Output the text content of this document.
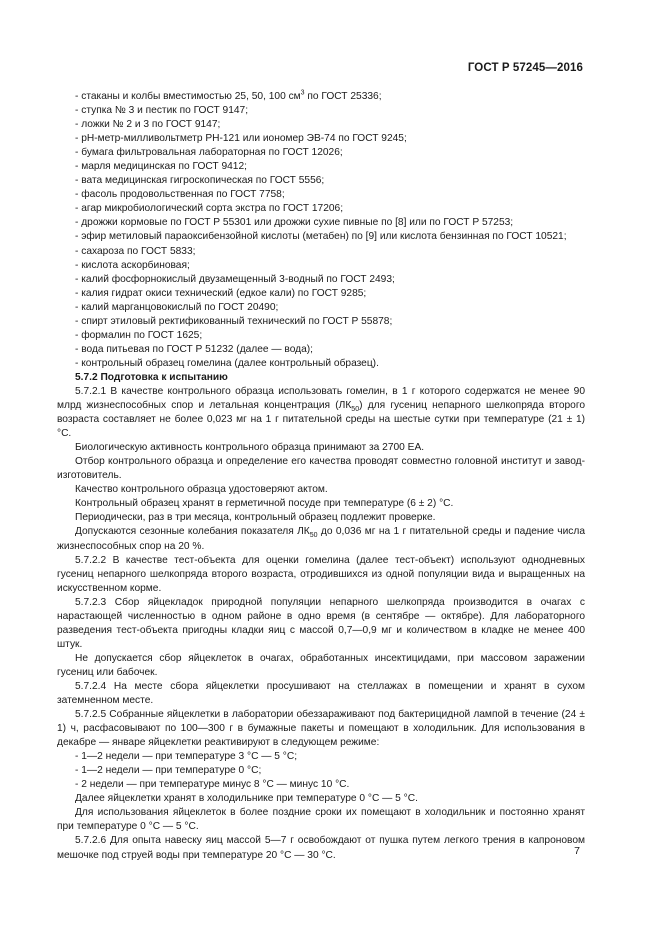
ГОСТ Р 57245—2016

- стаканы и колбы вместимостью 25, 50, 100 $см^3$ по ГОСТ 25336;

- ступка № 3 и пестик по ГОСТ 9147;

- ложки № 2 и 3 по ГОСТ 9147;

- рН-метр-милливольтметр РН-121 или иономер ЭВ-74 по ГОСТ 9245;

- бумага фильтровальная лабораторная по ГОСТ 12026;

- марля медицинская по ГОСТ 9412;

- вата медицинская гигроскопическая по ГОСТ 5556;

- фасоль продовольственная по ГОСТ 7758;

- агар микробиологический сорта экстра по ГОСТ 17206;

- дрожжи кормовые по ГОСТ Р 55301 или дрожжи сухие пивные по [8] или по ГОСТ Р 57253;

- эфир метиловый параоксибензойной кислоты (метабен) по [9] или кислота бензинная по ГОСТ 10521;

- сахароза по ГОСТ 5833;

- кислота аскорбиновая;

- калий фосфорнокислый двузамещенный 3-водный по ГОСТ 2493;

- калия гидрат окиси технический (едкое кали) по ГОСТ 9285;

- калий марганцовокислый по ГОСТ 20490;

- спирт этиловый ректификованный технический по ГОСТ Р 55878;

- формалин по ГОСТ 1625;

- вода питьевая по ГОСТ Р 51232 (далее — вода);

- контрольный образец гомелина (далее контрольный образец).

5.7.2 Подготовка к испытанию

5.7.2.1 В качестве контрольного образца использовать гомелин, в 1 г которого содержатся не менее 90 млрд жизнеспособных спор и летальная концентрация $(ЛК_{50})$ для гусениц непарного шелкопряда второго возраста составляет не более 0,023 мг на 1 г питательной среды на шестые сутки при температуре (21 ± 1) °С.

Биологическую активность контрольного образца принимают за 2700 ЕА.

Отбор контрольного образца и определение его качества проводят совместно головной институт и завод-изготовитель.

Качество контрольного образца удостоверяют актом.

Контрольный образец хранят в герметичной посуде при температуре (6 ± 2) °С.

Периодически, раз в три месяца, контрольный образец подлежит проверке.

Допускаются сезонные колебания показателя $ЛК_{50}$ до 0,036 мг на 1 г питательной среды и падение числа жизнеспособных спор на 20 %.

5.7.2.2 В качестве тест-объекта для оценки гомелина (далее тест-объект) используют однодневных гусениц непарного шелкопряда второго возраста, отродившихся из одной популяции вида и выращенных на искусственном корме.

5.7.2.3 Сбор яйцекладок природной популяции непарного шелкопряда производится в очагах с нарастающей численностью в одном районе в одно время (в сентябре — октябре). Для лабораторного разведения тест-объекта пригодны кладки яиц с массой 0,7—0,9 мг и количеством в кладке не менее 400 штук.

Не допускается сбор яйцеклеток в очагах, обработанных инсектицидами, при массовом заражении гусениц или бабочек.

5.7.2.4 На месте сбора яйцеклетки просушивают на стеллажах в помещении и хранят в сухом затемненном месте.

5.7.2.5 Собранные яйцеклетки в лаборатории обеззараживают под бактерицидной лампой в течение (24 ± 1) ч, расфасовывают по 100—300 г в бумажные пакеты и помещают в холодильник. Для использования в декабре — январе яйцеклетки реактивируют в следующем режиме:

- 1—2 недели — при температуре 3 °С — 5 °С;

- 1—2 недели — при температуре 0 °С;

- 2 недели — при температуре минус 8 °С — минус 10 °С.

Далее яйцеклетки хранят в холодильнике при температуре 0 °С — 5 °С.

Для использования яйцеклеток в более поздние сроки их помещают в холодильник и постоянно хранят при температуре 0 °С — 5 °С.

5.7.2.6 Для опыта навеску яиц массой 5—7 г освобождают от пушка путем легкого трения в капроновом мешочке под струей воды при температуре 20 °С — 30 °С.	7
